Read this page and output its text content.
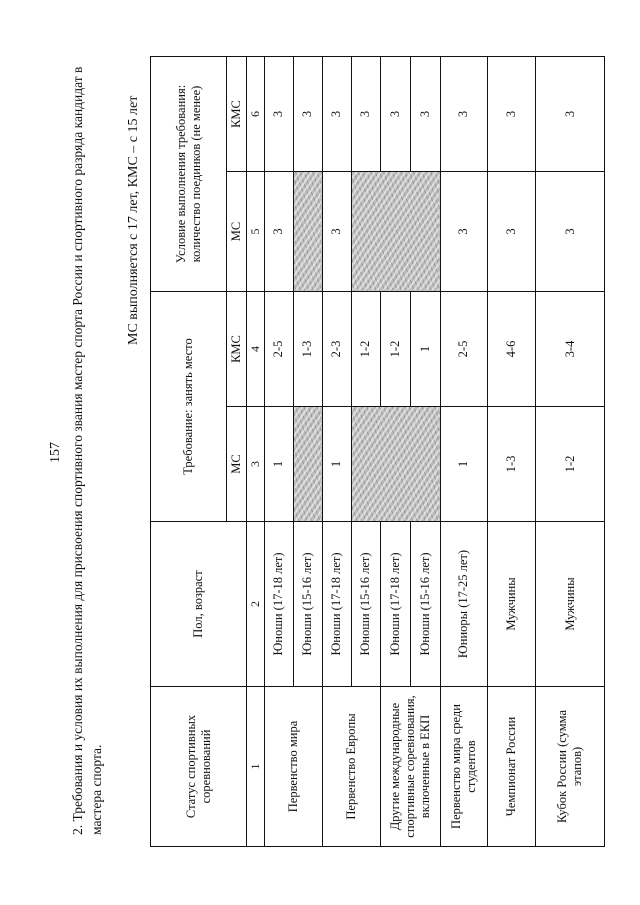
157 2. Требования и условия их выполнения для присвоения спортивного звания мастер спорта России и спортивного разряда кандидат в мастера спорта.
МС выполняется с 17 лет, КМС – с 15 лет
Статус спортивных соревнований	Пол, возраст	Требование: занять место		Условие выполнения требования: количество поединков (не менее)	
		МС	КМС	МС	КМС
1	2	3	4	5	6
Первенство мира	Юноши (17-18 лет)	1	2-5	3	3
	Юноши (15-16 лет)		1-3		3
Первенство Европы	Юноши (17-18 лет)	1	2-3	3	3
	Юноши (15-16 лет)		1-2		3
Другие международные спортивные соревнования, включенные в ЕКП	Юноши (17-18 лет)		1-2		3
	Юноши (15-16 лет)		1		3
Первенство мира среди студентов	Юниоры (17-25 лет)	1	2-5	3	3
Чемпионат России	Мужчины	1-3	4-6	3	3
Кубок России (сумма этапов)	Мужчины	1-2	3-4	3	3
